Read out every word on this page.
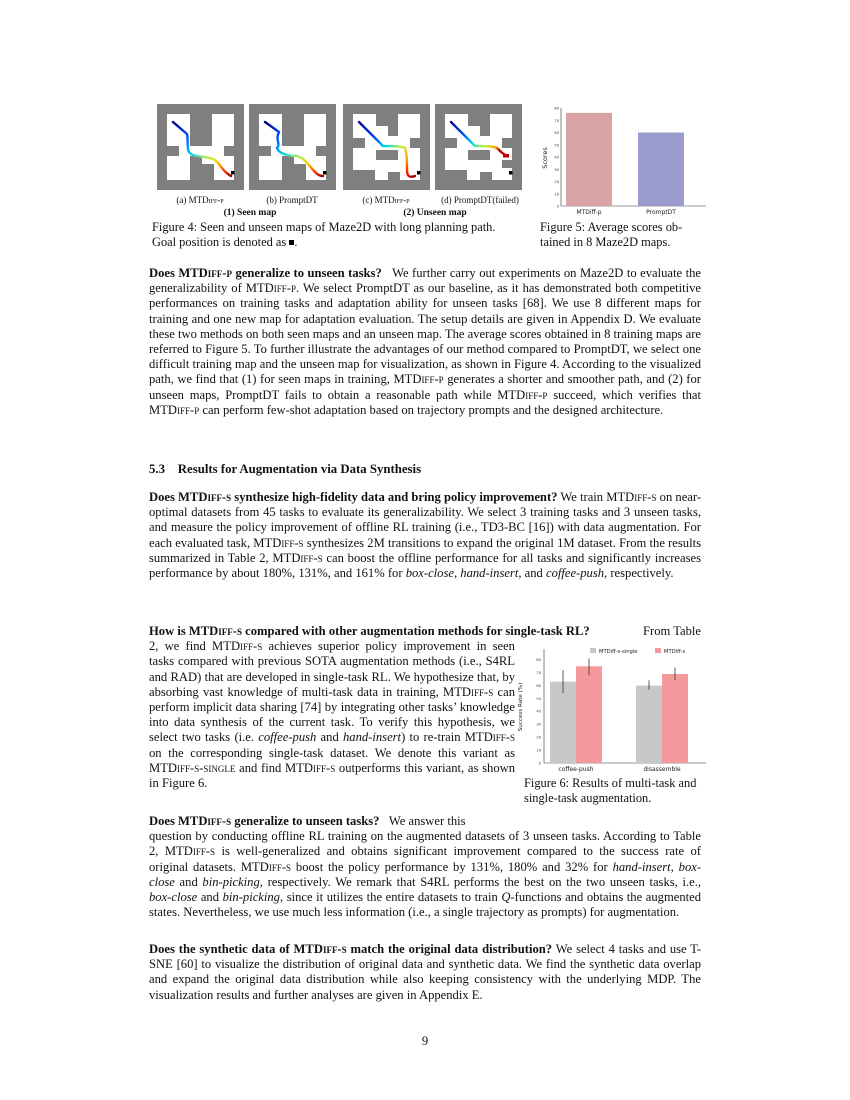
(a) MTDiff-p	(b) PromptDT	(c) MTDiff-p	(d) PromptDT(failed)
(1) Seen map	(2) Unseen map
Figure 4: Seen and unseen maps of Maze2D with long planning path.
Goal position is denoted as .
0
10
20
30
40
50
60
70
80
Scores
MTDiff-p	PromptDT
Figure 5: Average scores ob-
tained in 8 Maze2D maps.
Does MTDiff-p generalize to unseen tasks? We further carry out experiments on Maze2D to evaluate the generalizability of MTDiff-p. We select PromptDT as our baseline, as it has demonstrated both competitive performances on training tasks and adaptation ability for unseen tasks [68]. We use 8 different maps for training and one new map for adaptation evaluation. The setup details are given in Appendix D. We evaluate these two methods on both seen maps and an unseen map. The average scores obtained in 8 training maps are referred to Figure 5. To further illustrate the advantages of our method compared to PromptDT, we select one difficult training map and the unseen map for visualization, as shown in Figure 4. According to the visualized path, we find that (1) for seen maps in training, MTDiff-p generates a shorter and smoother path, and (2) for unseen maps, PromptDT fails to obtain a reasonable path while MTDiff-p succeed, which verifies that MTDiff-p can perform few-shot adaptation based on trajectory prompts and the designed architecture.
5.3 Results for Augmentation via Data Synthesis
Does MTDiff-s synthesize high-fidelity data and bring policy improvement? We train MTDiff-s on near-optimal datasets from 45 tasks to evaluate its generalizability. We select 3 training tasks and 3 unseen tasks, and measure the policy improvement of offline RL training (i.e., TD3-BC [16]) with data augmentation. For each evaluated task, MTDiff-s synthesizes 2M transitions to expand the original 1M dataset. From the results summarized in Table 2, MTDiff-s can boost the offline performance for all tasks and significantly increases performance by about 180%, 131%, and 161% for box-close, hand-insert, and coffee-push, respectively.
How is MTDiff-s compared with other augmentation methods for single-task RL?	From Table
2, we find MTDiff-s achieves superior policy improvement in seen tasks compared with previous SOTA augmentation methods (i.e., S4RL and RAD) that are developed in single-task RL. We hypothesize that, by absorbing vast knowledge of multi-task data in training, MTDiff-s can perform implicit data sharing [74] by integrating other tasks’ knowledge into data synthesis of the current task. To verify this hypothesis, we select two tasks (i.e. coffee-push and hand-insert) to re-train MTDiff-s on the corresponding single-task dataset. We denote this variant as MTDiff-s-single and find MTDiff-s outperforms this variant, as shown in Figure 6.
0
10
20
30
40
50
60
70
80
MTDiff-s-single	MTDiff-s
Success Rate (%)
coffee-push	disassemble
Figure 6: Results of multi-task and
single-task augmentation.
Does MTDiff-s generalize to unseen tasks? We answer this
question by conducting offline RL training on the augmented datasets of 3 unseen tasks. According to Table 2, MTDiff-s is well-generalized and obtains significant improvement compared to the success rate of original datasets. MTDiff-s boost the policy performance by 131%, 180% and 32% for hand-insert, box-close and bin-picking, respectively. We remark that S4RL performs the best on the two unseen tasks, i.e., box-close and bin-picking, since it utilizes the entire datasets to train Q-functions and obtains the augmented states. Nevertheless, we use much less information (i.e., a single trajectory as prompts) for augmentation.
Does the synthetic data of MTDiff-s match the original data distribution? We select 4 tasks and use T-SNE [60] to visualize the distribution of original data and synthetic data. We find the synthetic data overlap and expand the original data distribution while also keeping consistency with the underlying MDP. The visualization results and further analyses are given in Appendix E.
9
